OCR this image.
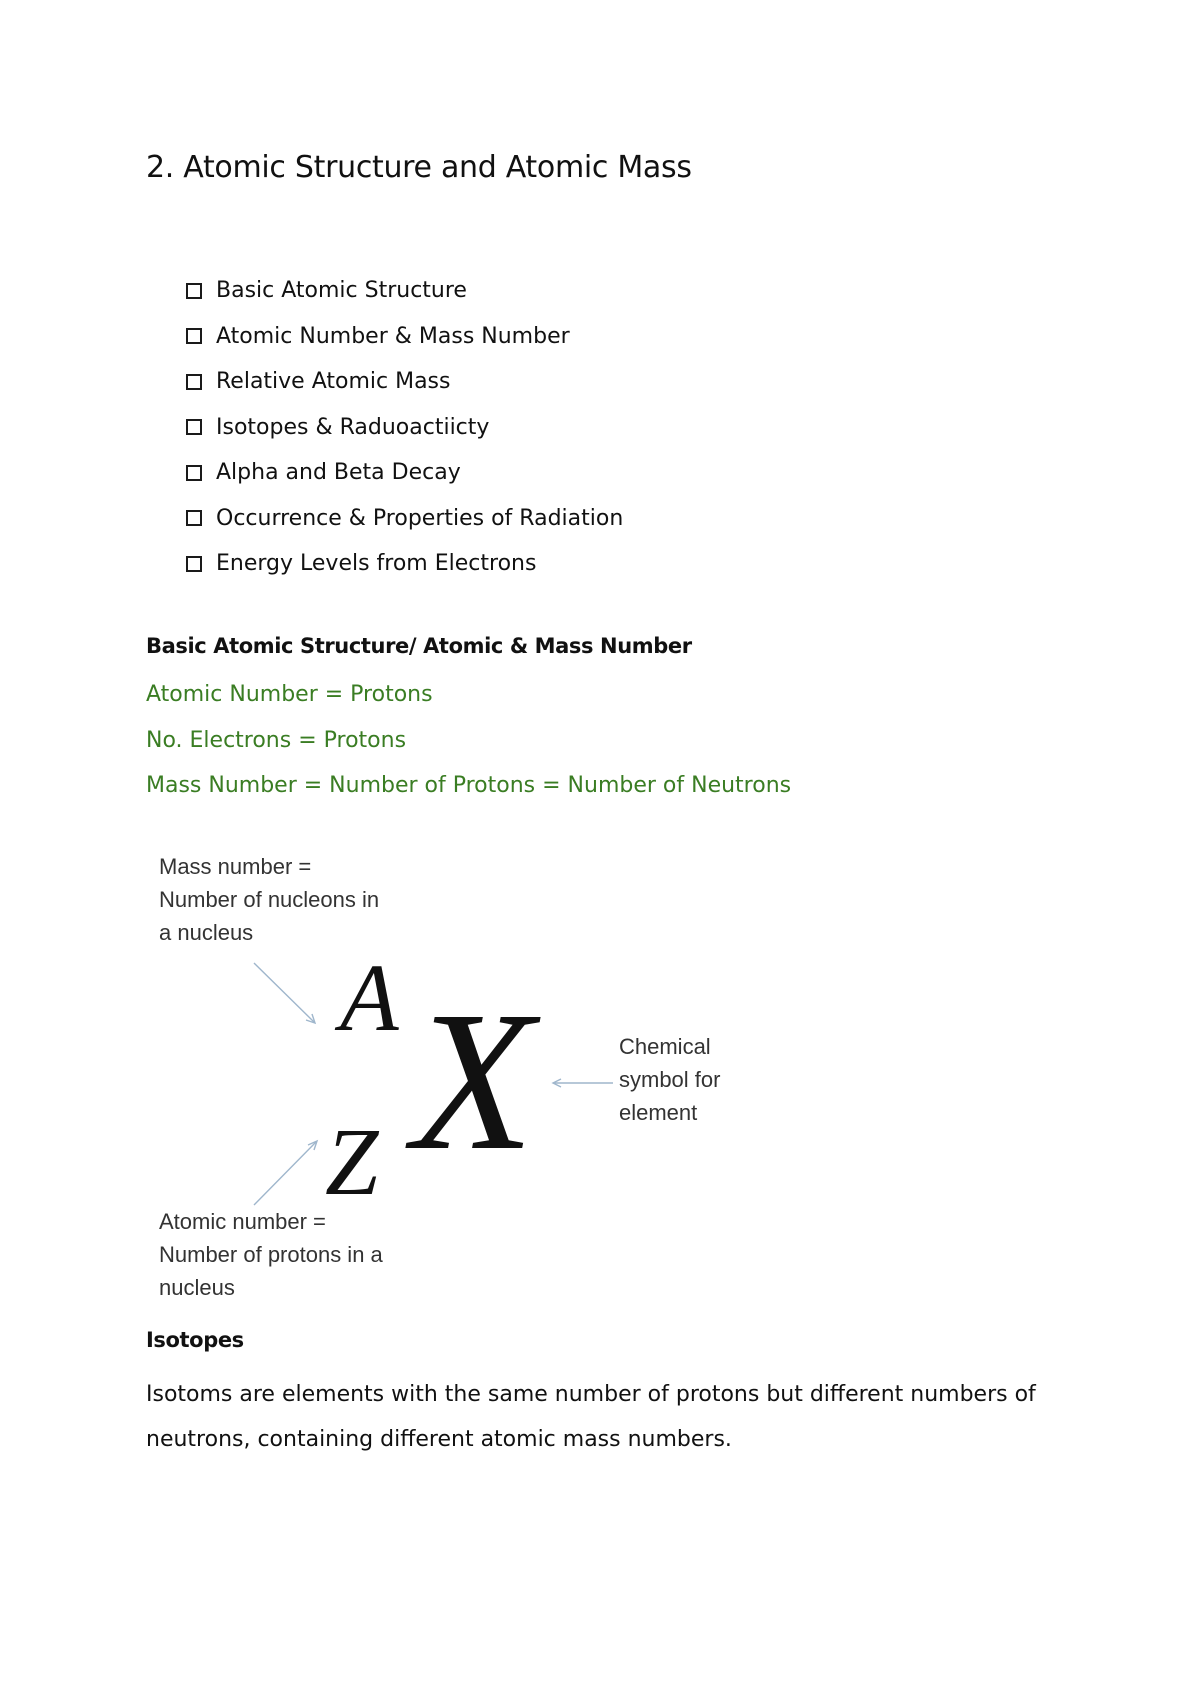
2. Atomic Structure and Atomic Mass
Basic Atomic Structure
Atomic Number & Mass Number
Relative Atomic Mass
Isotopes & Raduoactiicty
Alpha and Beta Decay
Occurrence & Properties of Radiation
Energy Levels from Electrons
Basic Atomic Structure/ Atomic & Mass Number
Atomic Number = Protons
No. Electrons = Protons
Mass Number = Number of Protons = Number of Neutrons
Mass number =
Number of nucleons in
a nucleus
Chemical
symbol for
element
Atomic number =
Number of protons in a
nucleus
A
Z X
Isotopes

Isotoms are elements with the same number of protons but different numbers of neutrons, containing different atomic mass numbers.
